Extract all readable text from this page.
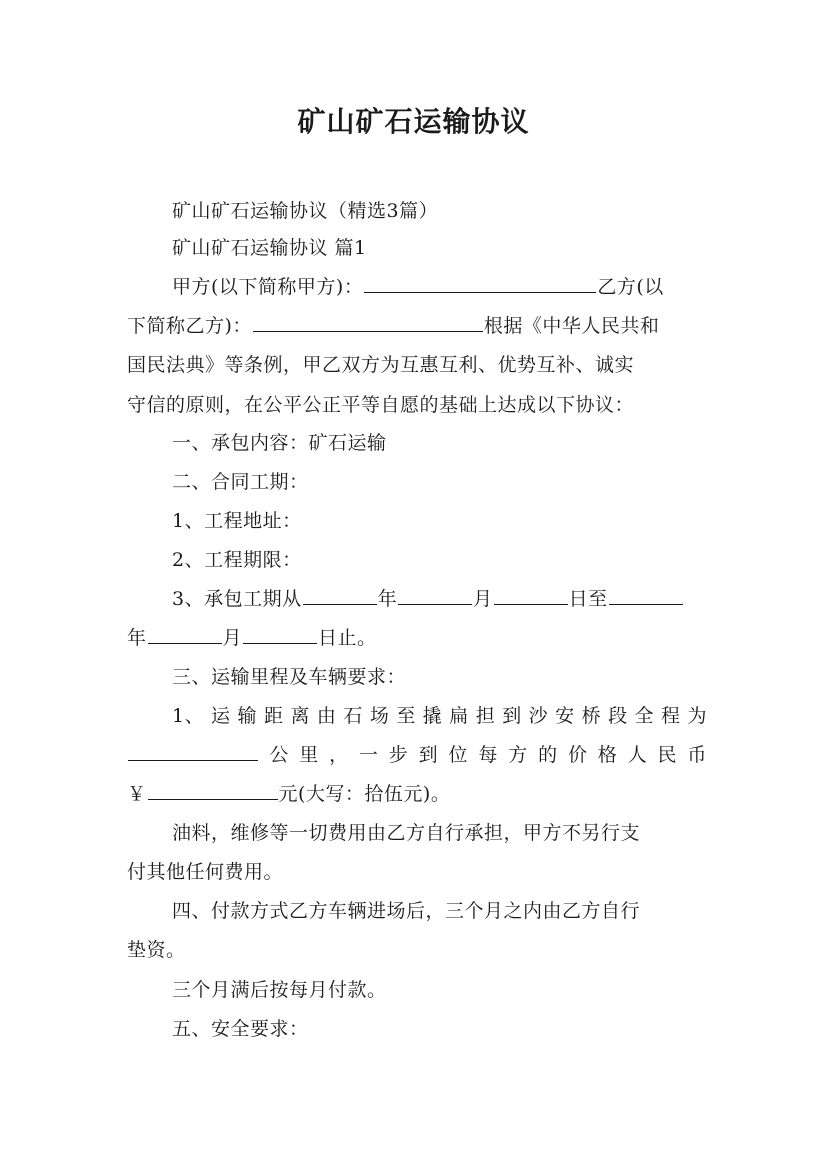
矿山矿石运输协议
矿山矿石运输协议（精选3篇）
矿山矿石运输协议 篇1
甲方(以下简称甲方)：	乙方(以
下简称乙方)：	根据《中华人民共和
国民法典》等条例，甲乙双方为互惠互利、优势互补、诚实
守信的原则，在公平公正平等自愿的基础上达成以下协议：
一、承包内容：矿石运输
二、合同工期：
1、工程地址：
2、工程期限：
3、承包工期从	年	月	日至
年	月	日止。
三、运输里程及车辆要求：
1、 运 输 距 离 由 石 场 至 撬 扁 担 到 沙 安 桥 段 全 程 为
公 里 ， 一 步 到 位 每 方 的 价 格 人 民 币
￥	元(大写：拾伍元)。
油料，维修等一切费用由乙方自行承担，甲方不另行支
付其他任何费用。
四、付款方式乙方车辆进场后，三个月之内由乙方自行
垫资。
三个月满后按每月付款。
五、安全要求：
